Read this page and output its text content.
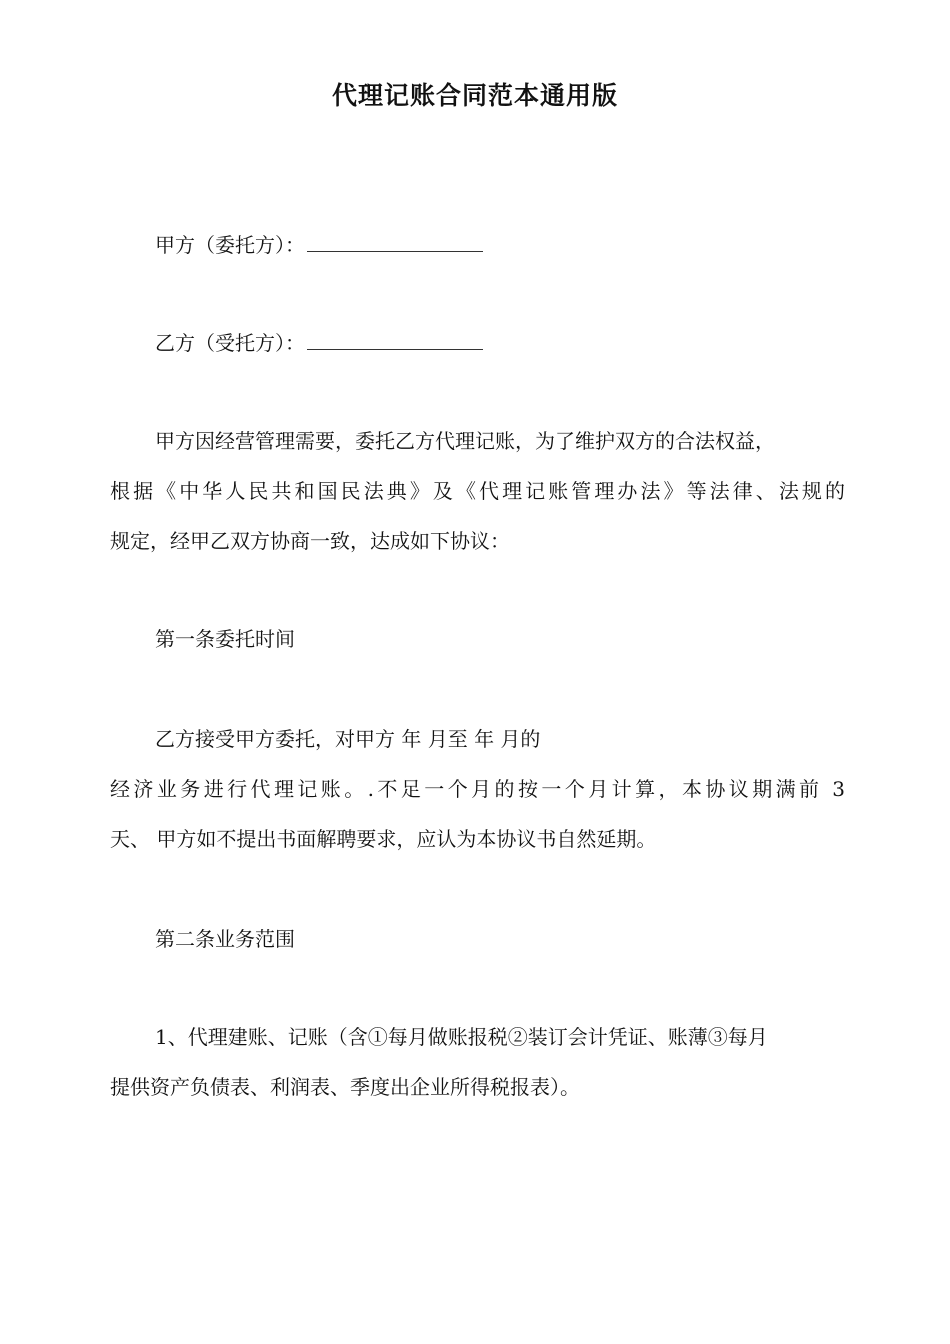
代理记账合同范本通用版

甲方（委托方）：

乙方（受托方）：

甲方因经营管理需要，委托乙方代理记账，为了维护双方的合法权益，

根据《中华人民共和国民法典》及《代理记账管理办法》等法律、法规的

规定，经甲乙双方协商一致，达成如下协议：

第一条委托时间

乙方接受甲方委托，对甲方 年 月至 年 月的

经济业务进行代理记账。.不足一个月的按一个月计算，本协议期满前 3

天、 甲方如不提出书面解聘要求，应认为本协议书自然延期。

第二条业务范围

1、代理建账、记账（含①每月做账报税②装订会计凭证、账薄③每月

提供资产负债表、利润表、季度出企业所得税报表）。
